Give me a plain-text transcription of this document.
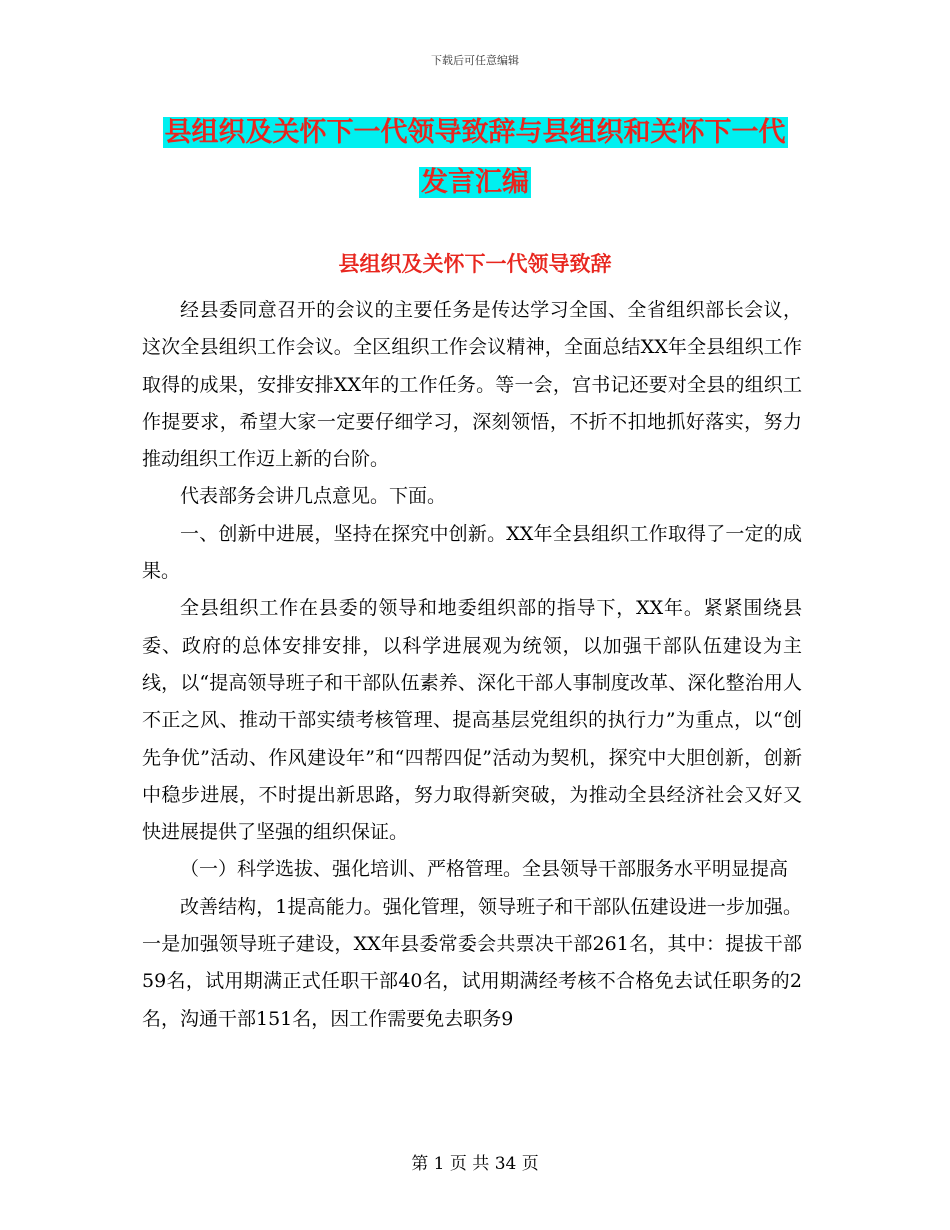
下载后可任意编辑
县组织及关怀下一代领导致辞与县组织和关怀下一代
发言汇编
县组织及关怀下一代领导致辞

经县委同意召开的会议的主要任务是传达学习全国、全省组织部长会议，这次全县组织工作会议。全区组织工作会议精神，全面总结XX年全县组织工作取得的成果，安排安排XX年的工作任务。等一会，宫书记还要对全县的组织工作提要求，希望大家一定要仔细学习，深刻领悟，不折不扣地抓好落实，努力推动组织工作迈上新的台阶。

代表部务会讲几点意见。下面。

一、创新中进展，坚持在探究中创新。XX年全县组织工作取得了一定的成果。

全县组织工作在县委的领导和地委组织部的指导下，XX年。紧紧围绕县委、政府的总体安排安排，以科学进展观为统领，以加强干部队伍建设为主线，以“提高领导班子和干部队伍素养、深化干部人事制度改革、深化整治用人不正之风、推动干部实绩考核管理、提高基层党组织的执行力”为重点，以“创先争优”活动、作风建设年”和“四帮四促”活动为契机，探究中大胆创新，创新中稳步进展，不时提出新思路，努力取得新突破，为推动全县经济社会又好又快进展提供了坚强的组织保证。

（一）科学选拔、强化培训、严格管理。全县领导干部服务水平明显提高

改善结构，1提高能力。强化管理，领导班子和干部队伍建设进一步加强。一是加强领导班子建设，XX年县委常委会共票决干部261名，其中：提拔干部59名，试用期满正式任职干部40名，试用期满经考核不合格免去试任职务的2名，沟通干部151名，因工作需要免去职务9

第 1 页 共 34 页
